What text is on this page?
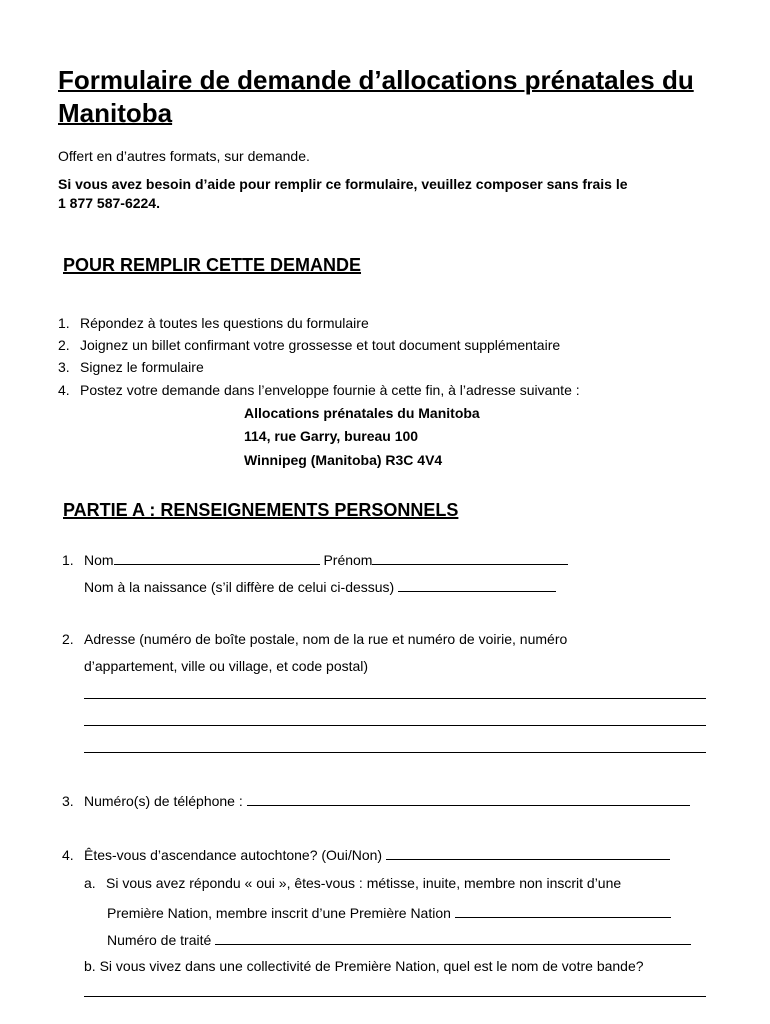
Formulaire de demande d’allocations prénatales du Manitoba
Offert en d’autres formats, sur demande.
Si vous avez besoin d’aide pour remplir ce formulaire, veuillez composer sans frais le
1 877 587-6224.
POUR REMPLIR CETTE DEMANDE
1. Répondez à toutes les questions du formulaire
2. Joignez un billet confirmant votre grossesse et tout document supplémentaire
3. Signez le formulaire
4. Postez votre demande dans l’enveloppe fournie à cette fin, à l’adresse suivante :
Allocations prénatales du Manitoba
114, rue Garry, bureau 100
Winnipeg (Manitoba) R3C 4V4
PARTIE A : RENSEIGNEMENTS PERSONNELS
1. Nom	Prénom
Nom à la naissance (s’il diffère de celui ci-dessus)
2. Adresse (numéro de boîte postale, nom de la rue et numéro de voirie, numéro
d’appartement, ville ou village, et code postal)
3. Numéro(s) de téléphone :
4. Êtes-vous d’ascendance autochtone? (Oui/Non)
a. Si vous avez répondu « oui », êtes-vous : métisse, inuite, membre non inscrit d’une
Première Nation, membre inscrit d’une Première Nation
Numéro de traité
b. Si vous vivez dans une collectivité de Première Nation, quel est le nom de votre bande?
